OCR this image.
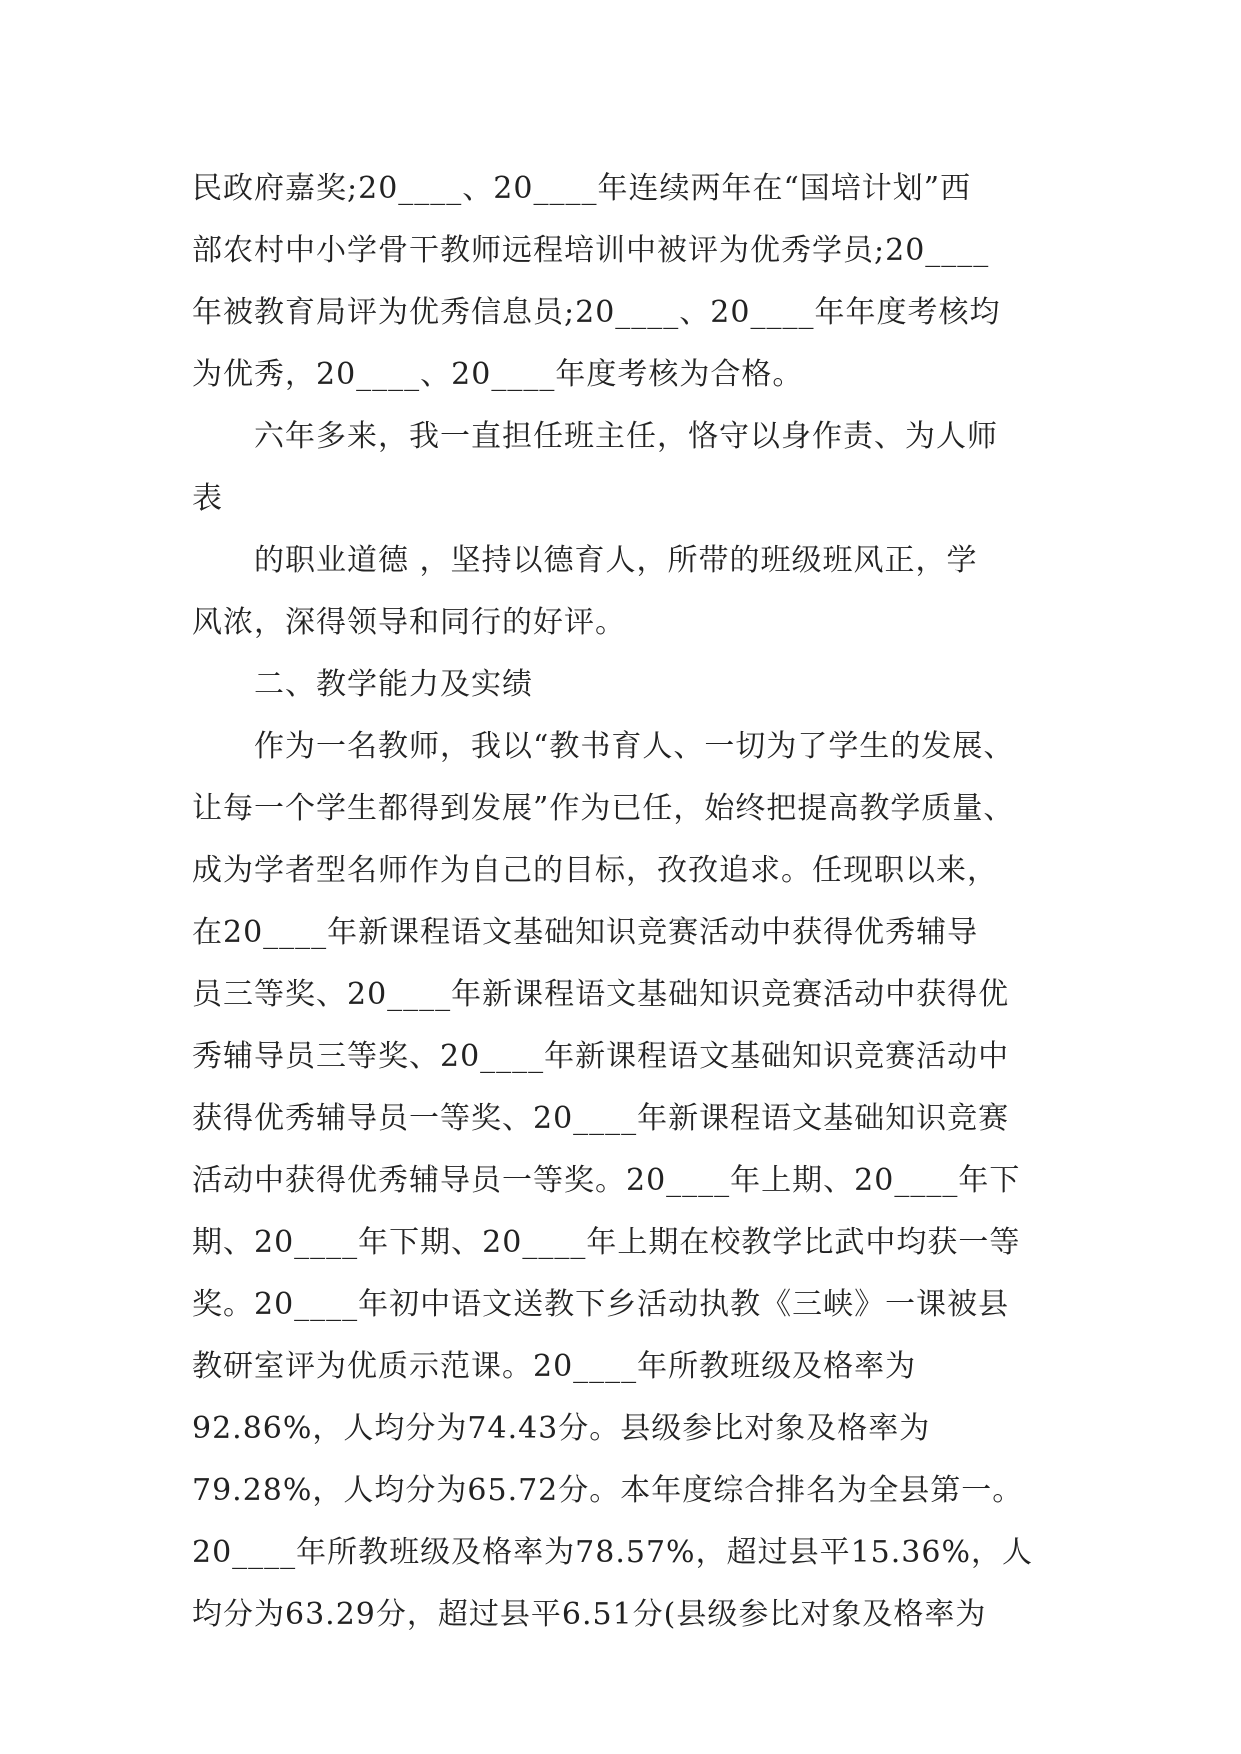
民政府嘉奖;20____、20____年连续两年在“国培计划”西
部农村中小学骨干教师远程培训中被评为优秀学员;20____
年被教育局评为优秀信息员;20____、20____年年度考核均
为优秀，20____、20____年度考核为合格。
六年多来，我一直担任班主任，恪守以身作责、为人师
表
的职业道德 ，坚持以德育人，所带的班级班风正，学
风浓，深得领导和同行的好评。
二、教学能力及实绩
作为一名教师，我以“教书育人、一切为了学生的发展、
让每一个学生都得到发展”作为已任，始终把提高教学质量、
成为学者型名师作为自己的目标，孜孜追求。任现职以来，
在20____年新课程语文基础知识竞赛活动中获得优秀辅导
员三等奖、20____年新课程语文基础知识竞赛活动中获得优
秀辅导员三等奖、20____年新课程语文基础知识竞赛活动中
获得优秀辅导员一等奖、20____年新课程语文基础知识竞赛
活动中获得优秀辅导员一等奖。20____年上期、20____年下
期、20____年下期、20____年上期在校教学比武中均获一等
奖。20____年初中语文送教下乡活动执教《三峡》一课被县
教研室评为优质示范课。20____年所教班级及格率为
92.86%，人均分为74.43分。县级参比对象及格率为
79.28%，人均分为65.72分。本年度综合排名为全县第一。
20____年所教班级及格率为78.57%，超过县平15.36%，人
均分为63.29分，超过县平6.51分(县级参比对象及格率为
